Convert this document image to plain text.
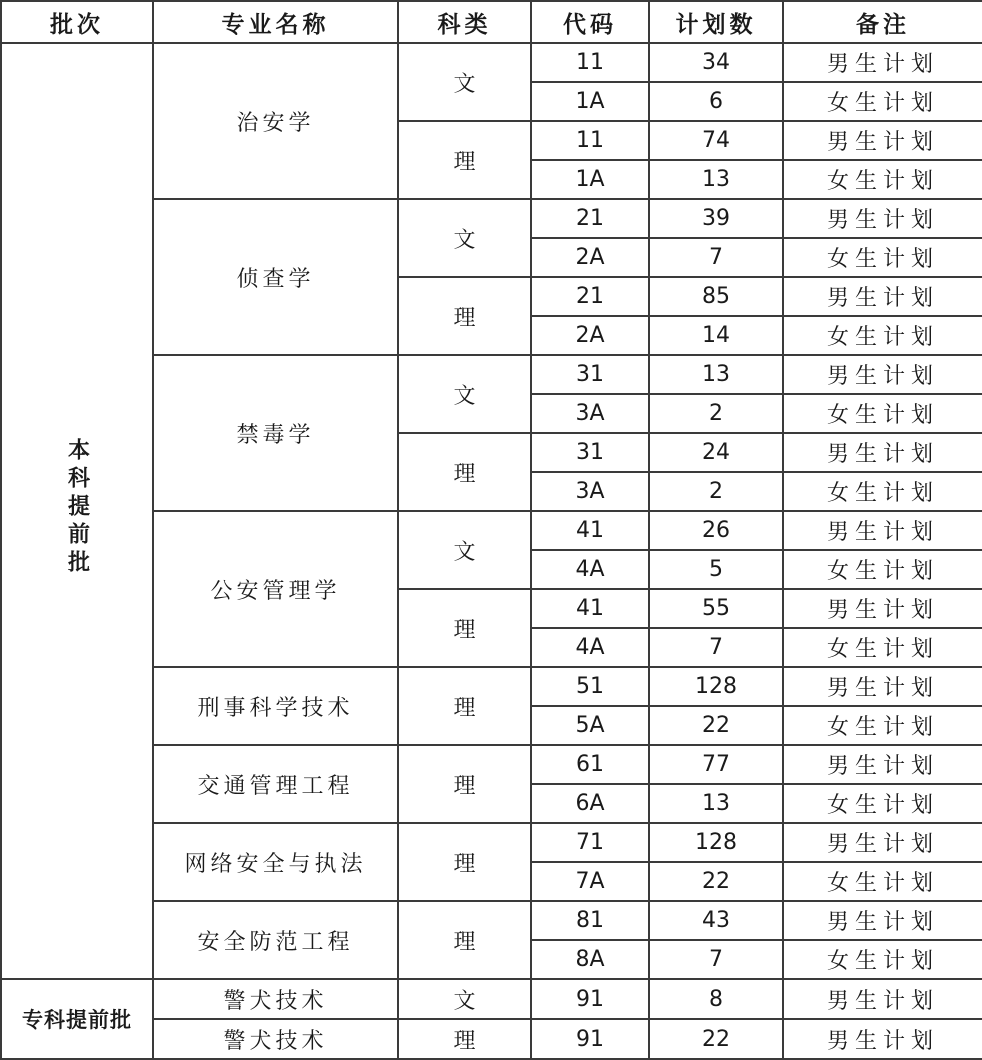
批次	专业名称	科类	代码	计划数	备注
本科提前批	治安学	文	11	34	男生计划
			1A	6	女生计划
		理	11	74	男生计划
			1A	13	女生计划
	侦查学	文	21	39	男生计划
			2A	7	女生计划
		理	21	85	男生计划
			2A	14	女生计划
	禁毒学	文	31	13	男生计划
			3A	2	女生计划
		理	31	24	男生计划
			3A	2	女生计划
	公安管理学	文	41	26	男生计划
			4A	5	女生计划
		理	41	55	男生计划
			4A	7	女生计划
	刑事科学技术	理	51	128	男生计划
			5A	22	女生计划
	交通管理工程	理	61	77	男生计划
			6A	13	女生计划
	网络安全与执法	理	71	128	男生计划
			7A	22	女生计划
	安全防范工程	理	81	43	男生计划
			8A	7	女生计划
专科提前批	警犬技术	文	91	8	男生计划
	警犬技术	理	91	22	男生计划
